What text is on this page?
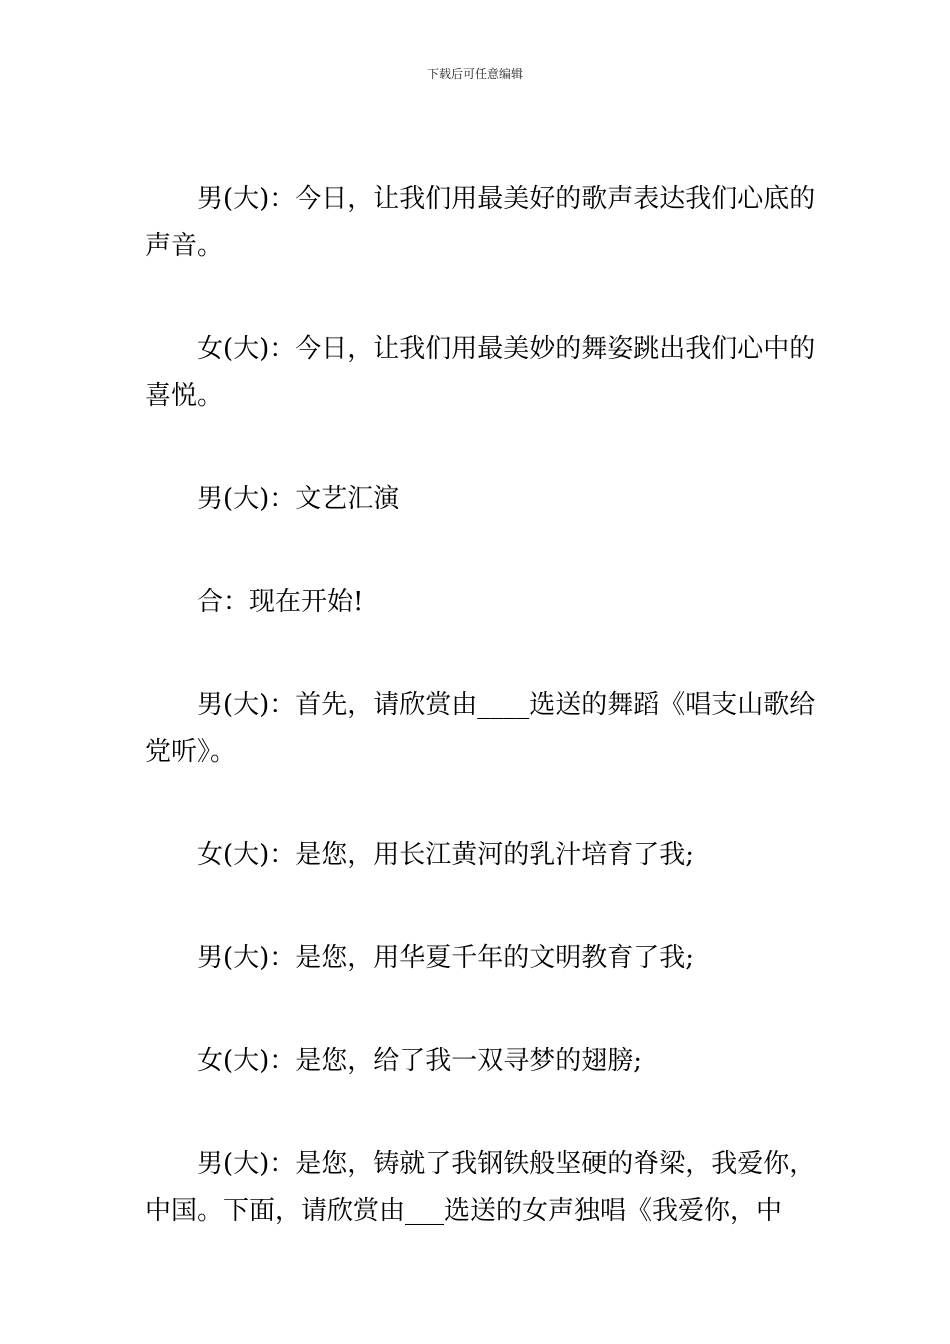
下载后可任意编辑

男(大)：今日，让我们用最美好的歌声表达我们心底的声音。

女(大)：今日，让我们用最美妙的舞姿跳出我们心中的喜悦。

男(大)：文艺汇演

合：现在开始!

男(大)：首先，请欣赏由____选送的舞蹈《唱支山歌给党听》。

女(大)：是您，用长江黄河的乳汁培育了我;

男(大)：是您，用华夏千年的文明教育了我;

女(大)：是您，给了我一双寻梦的翅膀;

男(大)：是您，铸就了我钢铁般坚硬的脊梁，我爱你，中国。下面，请欣赏由___选送的女声独唱《我爱你，中
